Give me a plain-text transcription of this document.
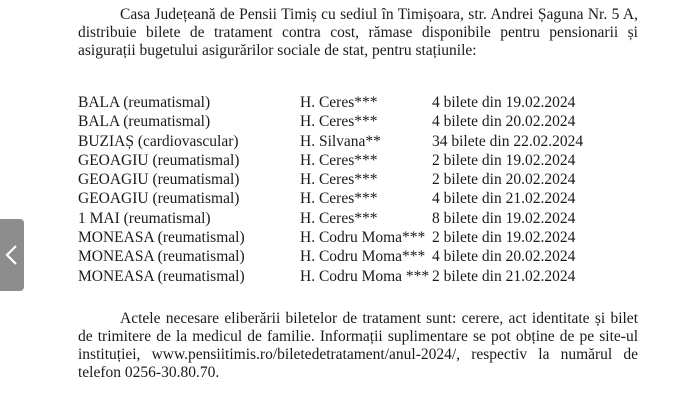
Casa Județeană de Pensii Timiș cu sediul în Timișoara, str. Andrei Șaguna Nr. 5 A, distribuie bilete de tratament contra cost, rămase disponibile pentru pensionarii și asigurații bugetului asigurărilor sociale de stat, pentru stațiunile:

BALA (reumatismal)	H. Ceres***	4 bilete din 19.02.2024
BALA (reumatismal)	H. Ceres***	4 bilete din 20.02.2024
BUZIAȘ (cardiovascular)	H. Silvana**	34 bilete din 22.02.2024
GEOAGIU (reumatismal)	H. Ceres***	2 bilete din 19.02.2024
GEOAGIU (reumatismal)	H. Ceres***	2 bilete din 20.02.2024
GEOAGIU (reumatismal)	H. Ceres***	4 bilete din 21.02.2024
1 MAI (reumatismal)	H. Ceres***	8 bilete din 19.02.2024
MONEASA (reumatismal)	H. Codru Moma***	2 bilete din 19.02.2024
MONEASA (reumatismal)	H. Codru Moma***	4 bilete din 20.02.2024
MONEASA (reumatismal)	H. Codru Moma ***	2 bilete din 21.02.2024

Actele necesare eliberării biletelor de tratament sunt: cerere, act identitate și bilet de trimitere de la medicul de familie. Informații suplimentare se pot obține de pe site-ul instituției, www.pensiitimis.ro/biletedetratament/anul-2024/, respectiv la numărul de telefon 0256-30.80.70.
